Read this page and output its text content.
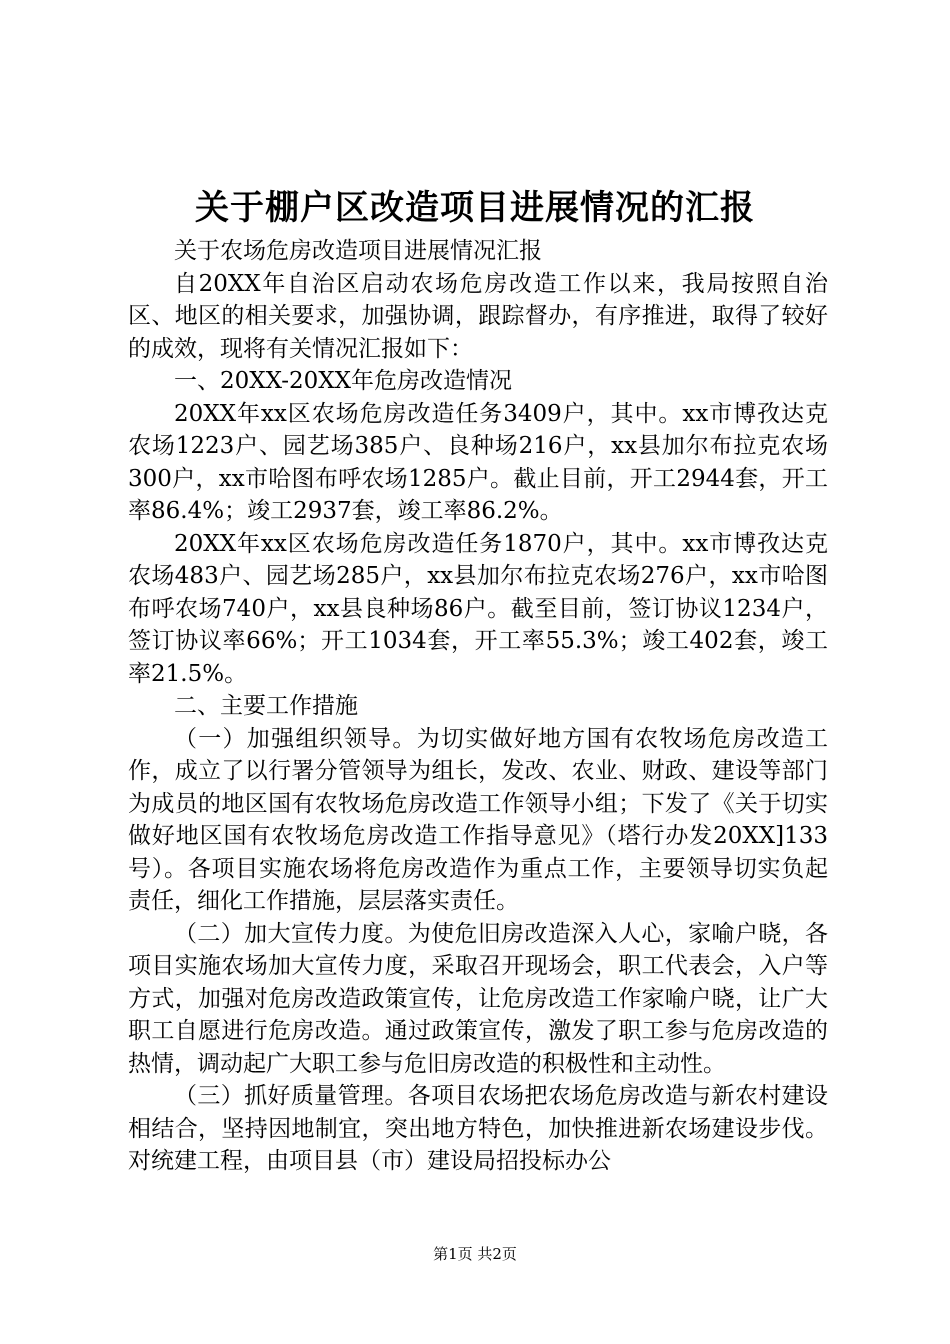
关于棚户区改造项目进展情况的汇报

关于农场危房改造项目进展情况汇报

自20XX年自治区启动农场危房改造工作以来，我局按照自治区、地区的相关要求，加强协调，跟踪督办，有序推进，取得了较好的成效，现将有关情况汇报如下：

一、20XX-20XX年危房改造情况

20XX年xx区农场危房改造任务3409户，其中。xx市博孜达克农场1223户、园艺场385户、良种场216户，xx县加尔布拉克农场300户，xx市哈图布呼农场1285户。截止目前，开工2944套，开工率86.4%；竣工2937套，竣工率86.2%。

20XX年xx区农场危房改造任务1870户，其中。xx市博孜达克农场483户、园艺场285户，xx县加尔布拉克农场276户，xx市哈图布呼农场740户，xx县良种场86户。截至目前，签订协议1234户，签订协议率66%；开工1034套，开工率55.3%；竣工402套，竣工率21.5%。

二、主要工作措施

（一）加强组织领导。为切实做好地方国有农牧场危房改造工作，成立了以行署分管领导为组长，发改、农业、财政、建设等部门为成员的地区国有农牧场危房改造工作领导小组；下发了《关于切实做好地区国有农牧场危房改造工作指导意见》（塔行办发20XX]133号）。各项目实施农场将危房改造作为重点工作，主要领导切实负起责任，细化工作措施，层层落实责任。

（二）加大宣传力度。为使危旧房改造深入人心，家喻户晓，各项目实施农场加大宣传力度，采取召开现场会，职工代表会，入户等方式，加强对危房改造政策宣传，让危房改造工作家喻户晓，让广大职工自愿进行危房改造。通过政策宣传，激发了职工参与危房改造的热情，调动起广大职工参与危旧房改造的积极性和主动性。

（三）抓好质量管理。各项目农场把农场危房改造与新农村建设相结合，坚持因地制宜，突出地方特色，加快推进新农场建设步伐。对统建工程，由项目县（市）建设局招投标办公

第1页 共2页
